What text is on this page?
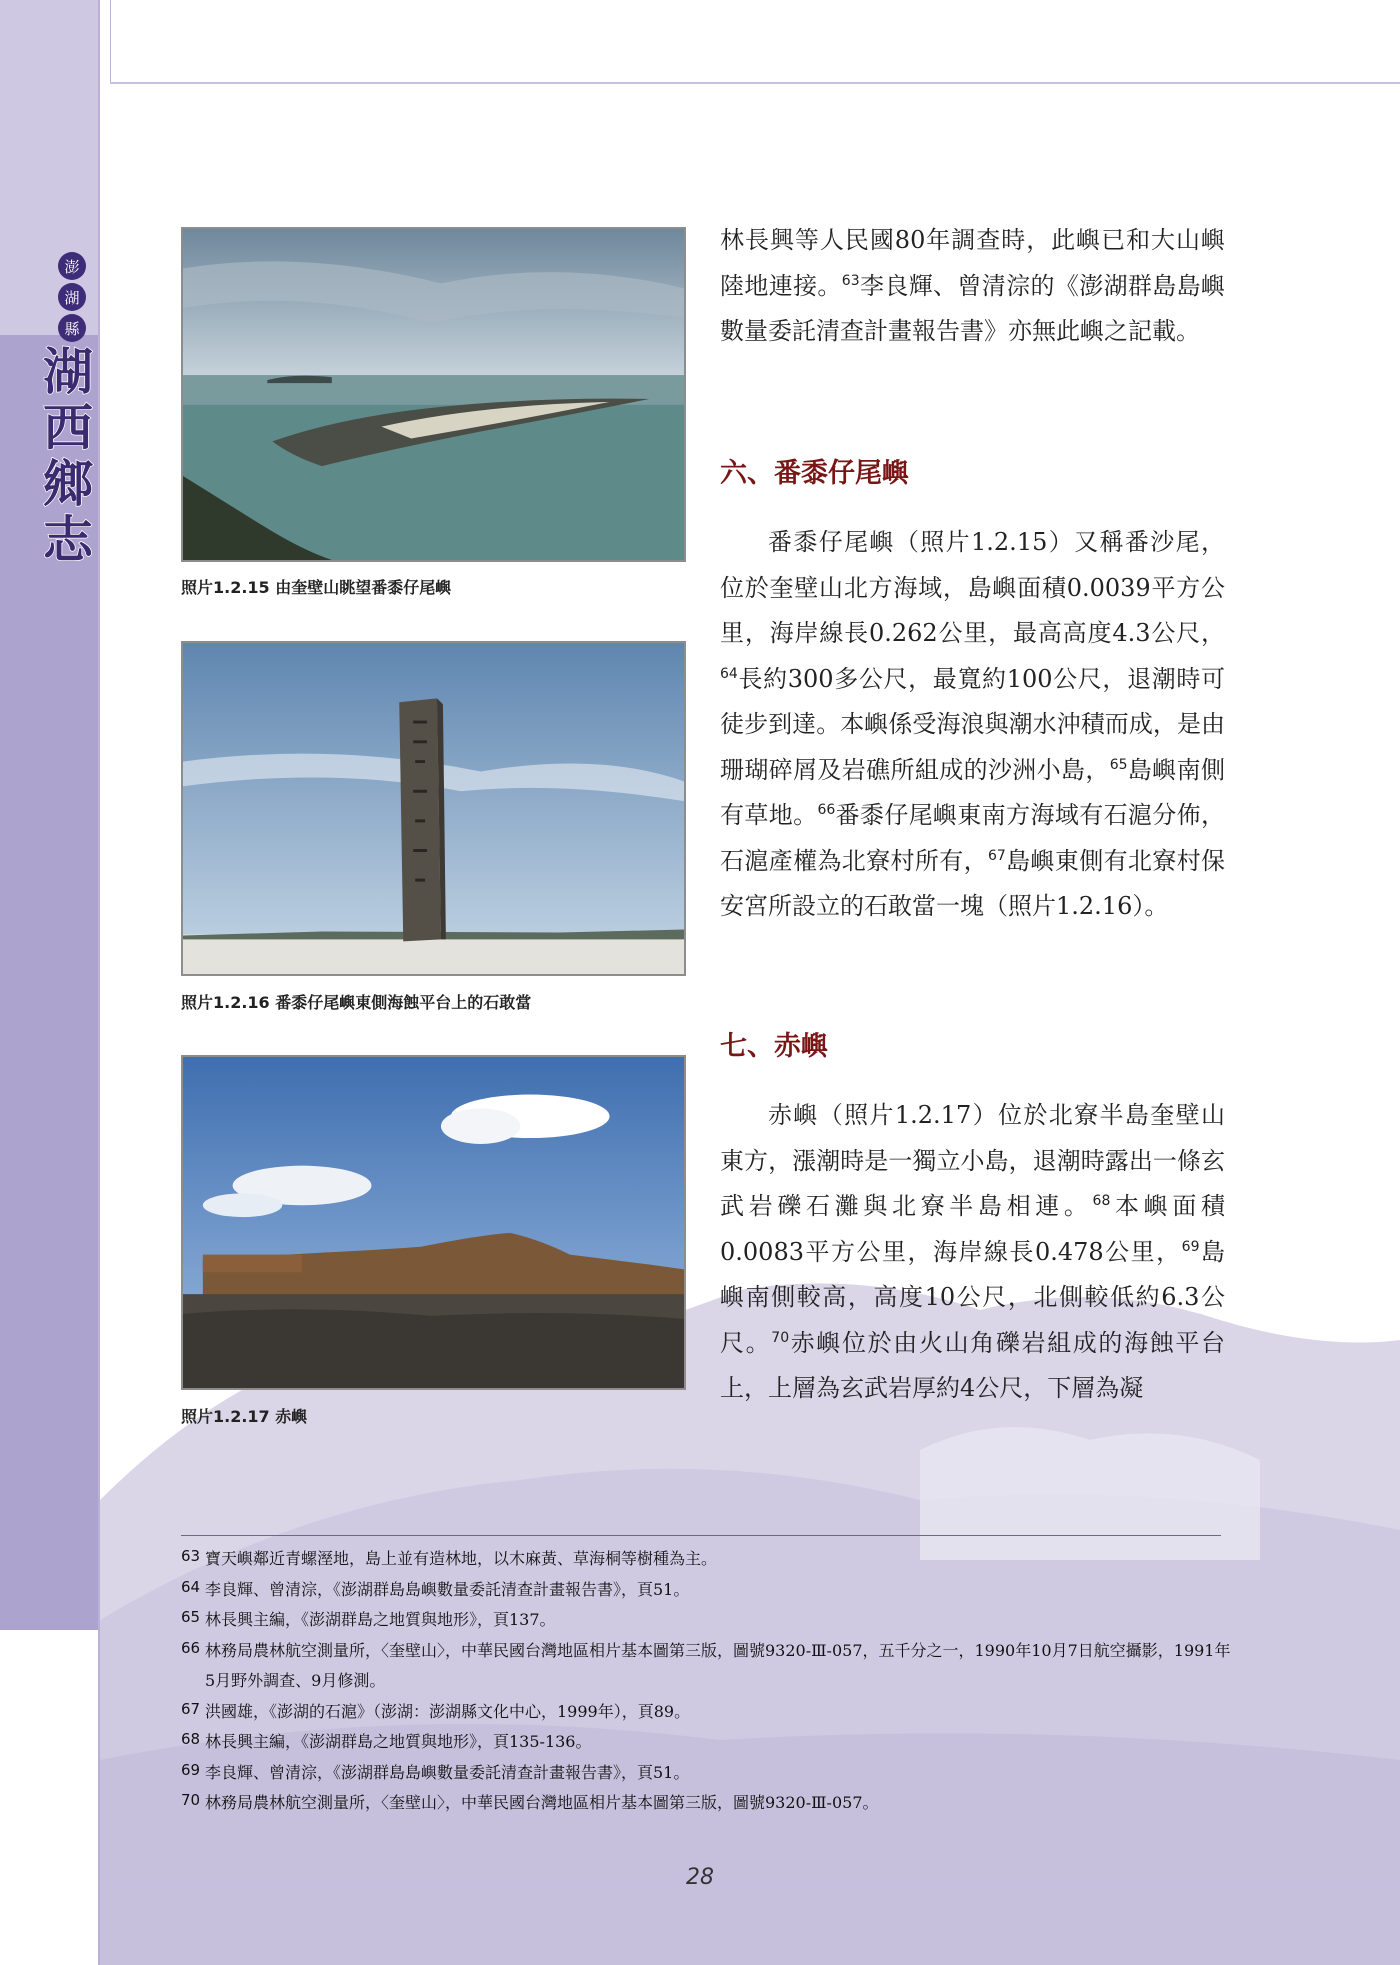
澎
湖
縣
湖西鄉志
照片1.2.15 由奎壁山眺望番黍仔尾嶼
照片1.2.16 番黍仔尾嶼東側海蝕平台上的石敢當
照片1.2.17 赤嶼

林長興等人民國80年調查時，此嶼已和大山嶼陸地連接。$^{63}$李良輝、曾清淙的《澎湖群島島嶼數量委託清查計畫報告書》亦無此嶼之記載。

六、番黍仔尾嶼

番黍仔尾嶼（照片1.2.15）又稱番沙尾，位於奎壁山北方海域，島嶼面積0.0039平方公里，海岸線長0.262公里，最高高度4.3公尺，$^{64}$長約300多公尺，最寬約100公尺，退潮時可徒步到達。本嶼係受海浪與潮水沖積而成，是由珊瑚碎屑及岩礁所組成的沙洲小島，$^{65}$島嶼南側有草地。$^{66}$番黍仔尾嶼東南方海域有石滬分佈，石滬產權為北寮村所有，$^{67}$島嶼東側有北寮村保安宮所設立的石敢當一塊（照片1.2.16）。

七、赤嶼

赤嶼（照片1.2.17）位於北寮半島奎壁山東方，漲潮時是一獨立小島，退潮時露出一條玄武岩礫石灘與北寮半島相連。$^{68}$本嶼面積0.0083平方公里，海岸線長0.478公里，$^{69}$島嶼南側較高，高度10公尺，北側較低約6.3公尺。$^{70}$赤嶼位於由火山角礫岩組成的海蝕平台上，上層為玄武岩厚約4公尺，下層為凝

63 寶天嶼鄰近青螺溼地，島上並有造林地，以木麻黃、草海桐等樹種為主。
64 李良輝、曾清淙，《澎湖群島島嶼數量委託清查計畫報告書》，頁51。
65 林長興主編，《澎湖群島之地質與地形》，頁137。
66 林務局農林航空測量所，〈奎壁山〉，中華民國台灣地區相片基本圖第三版，圖號9320-Ⅲ-057，五千分之一，1990年10月7日航空攝影，1991年5月野外調查、9月修測。
67 洪國雄，《澎湖的石滬》（澎湖：澎湖縣文化中心，1999年），頁89。
68 林長興主編，《澎湖群島之地質與地形》，頁135-136。
69 李良輝、曾清淙，《澎湖群島島嶼數量委託清查計畫報告書》，頁51。
70 林務局農林航空測量所，〈奎壁山〉，中華民國台灣地區相片基本圖第三版，圖號9320-Ⅲ-057。
28
